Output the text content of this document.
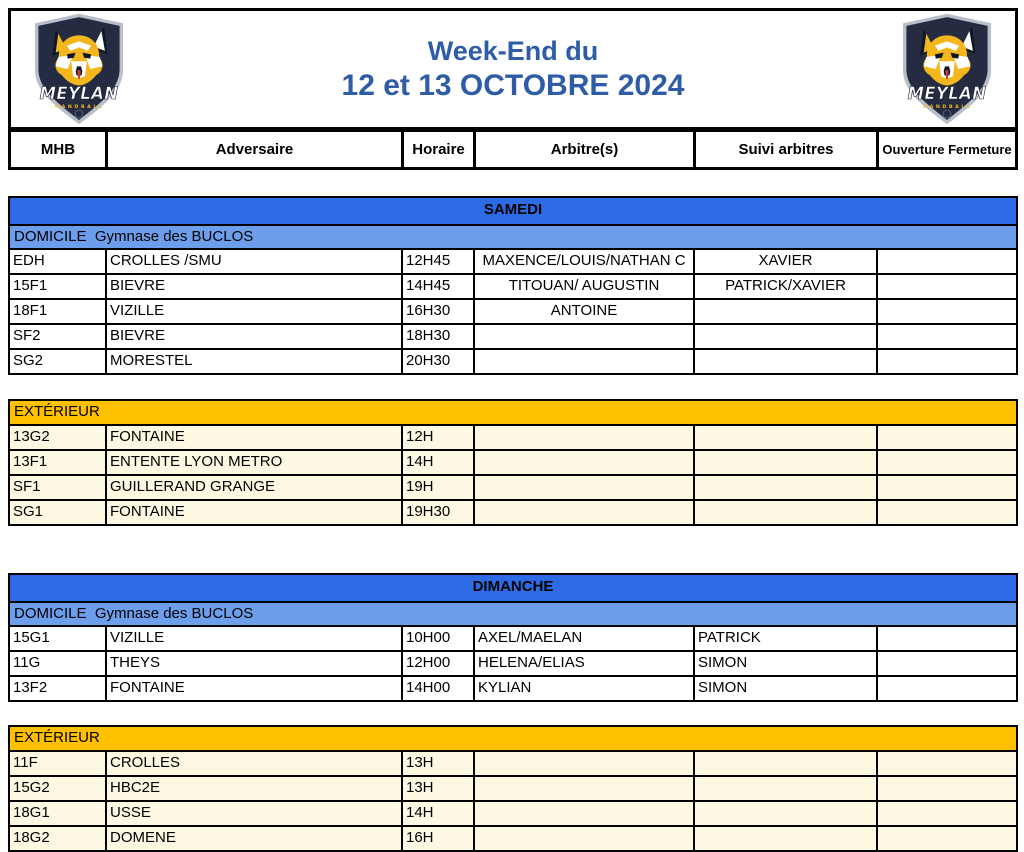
MEYLAN
HANDBALL
Week-End du
12 et 13 OCTOBRE 2024	MEYLAN
HANDBALL
MHB	Adversaire	Horaire	Arbitre(s)	Suivi arbitres	Ouverture Fermeture
SAMEDI
DOMICILE  Gymnase des BUCLOS
EDH	CROLLES /SMU	12H45	MAXENCE/LOUIS/NATHAN C	XAVIER
15F1	BIEVRE	14H45	TITOUAN/ AUGUSTIN	PATRICK/XAVIER
18F1	VIZILLE	16H30	ANTOINE
SF2	BIEVRE	18H30
SG2	MORESTEL	20H30
EXTÉRIEUR
13G2	FONTAINE	12H
13F1	ENTENTE LYON METRO	14H
SF1	GUILLERAND GRANGE	19H
SG1	FONTAINE	19H30
DIMANCHE
DOMICILE  Gymnase des BUCLOS
15G1	VIZILLE	10H00	AXEL/MAELAN	PATRICK
11G	THEYS	12H00	HELENA/ELIAS	SIMON
13F2	FONTAINE	14H00	KYLIAN	SIMON
EXTÉRIEUR
11F	CROLLES	13H
15G2	HBC2E	13H
18G1	USSE	14H
18G2	DOMENE	16H
